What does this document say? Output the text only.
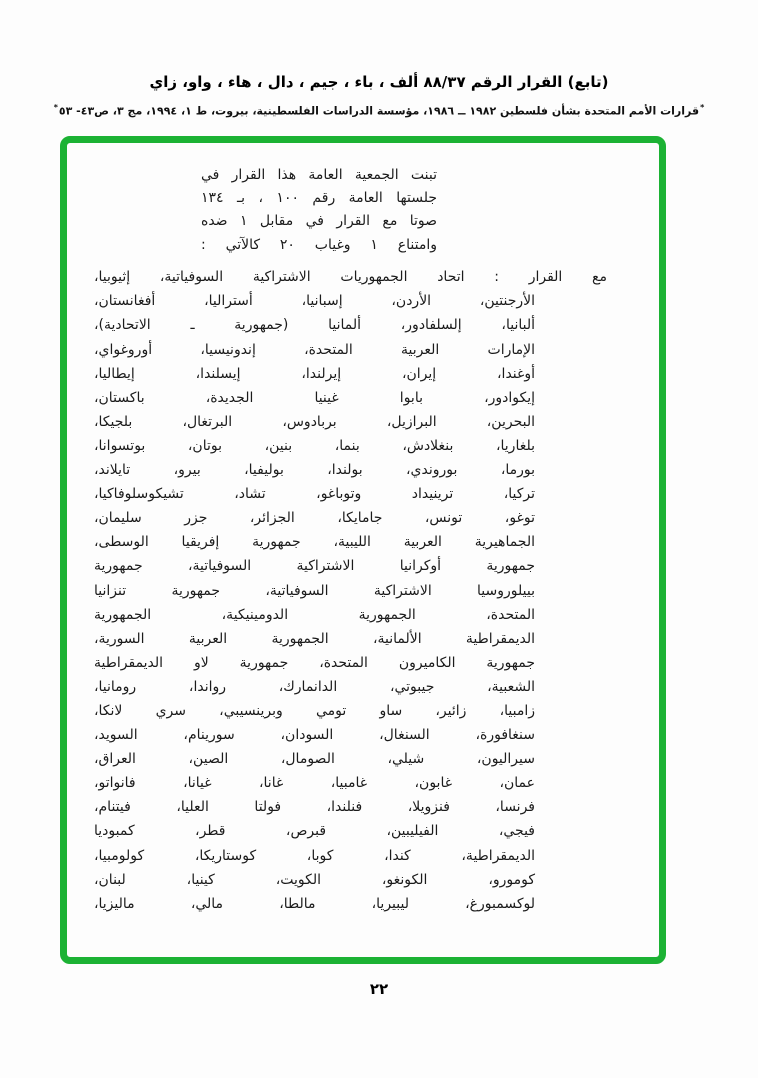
(تابع) القرار الرقم ٨٨/٣٧ ألف ، باء ، جيم ، دال ، هاء ، واو، زاي
*قرارات الأمم المتحدة بشأن فلسطين ١٩٨٢ ــ ١٩٨٦، مؤسسة الدراسات الفلسطينية، بيروت، ط ١، ١٩٩٤، مج ٣، ص٤٣- ٥٣*
تبنت الجمعية العامة هذا القرار في
جلستها العامة رقم ١٠٠ ، بـ ١٣٤
صوتا مع القرار في مقابل ١ ضده
وامتناع ١ وغياب ٢٠ كالآتي :
مع القرار : اتحاد الجمهوريات الاشتراكية السوفياتية، إثيوبيا،
الأرجنتين، الأردن، إسبانيا، أستراليا، أفغانستان،
ألبانيا، إلسلفادور، ألمانيا (جمهورية ـ الاتحادية)،
الإمارات العربية المتحدة، إندونيسيا، أوروغواي،
أوغندا، إيران، إيرلندا، إيسلندا، إيطاليا،
إيكوادور، بابوا غينيا الجديدة، باكستان،
البحرين، البرازيل، بربادوس، البرتغال، بلجيكا،
بلغاريا، بنغلادش، بنما، بنين، بوتان، بوتسوانا،
بورما، بوروندي، بولندا، بوليفيا، بيرو، تايلاند،
تركيا، ترينيداد وتوباغو، تشاد، تشيكوسلوفاكيا،
توغو، تونس، جامايكا، الجزائر، جزر سليمان،
الجماهيرية العربية الليبية، جمهورية إفريقيا الوسطى،
جمهورية أوكرانيا الاشتراكية السوفياتية، جمهورية
بييلوروسيا الاشتراكية السوفياتية، جمهورية تنزانيا
المتحدة، الجمهورية الدومينيكية، الجمهورية
الديمقراطية الألمانية، الجمهورية العربية السورية،
جمهورية الكاميرون المتحدة، جمهورية لاو الديمقراطية
الشعبية، جيبوتي، الدانمارك، رواندا، رومانيا،
زامبيا، زائير، ساو تومي وبرينسيبي، سري لانكا،
سنغافورة، السنغال، السودان، سورينام، السويد،
سيراليون، شيلي، الصومال، الصين، العراق،
عمان، غابون، غامبيا، غانا، غيانا، فانواتو،
فرنسا، فنزويلا، فنلندا، فولتا العليا، فيتنام،
فيجي، الفيليبين، قبرص، قطر، كمبوديا
الديمقراطية، كندا، كوبا، كوستاريكا، كولومبيا،
كومورو، الكونغو، الكويت، كينيا، لبنان،
لوكسمبورغ، ليبيريا، مالطا، مالي، ماليزيا،
٢٢
